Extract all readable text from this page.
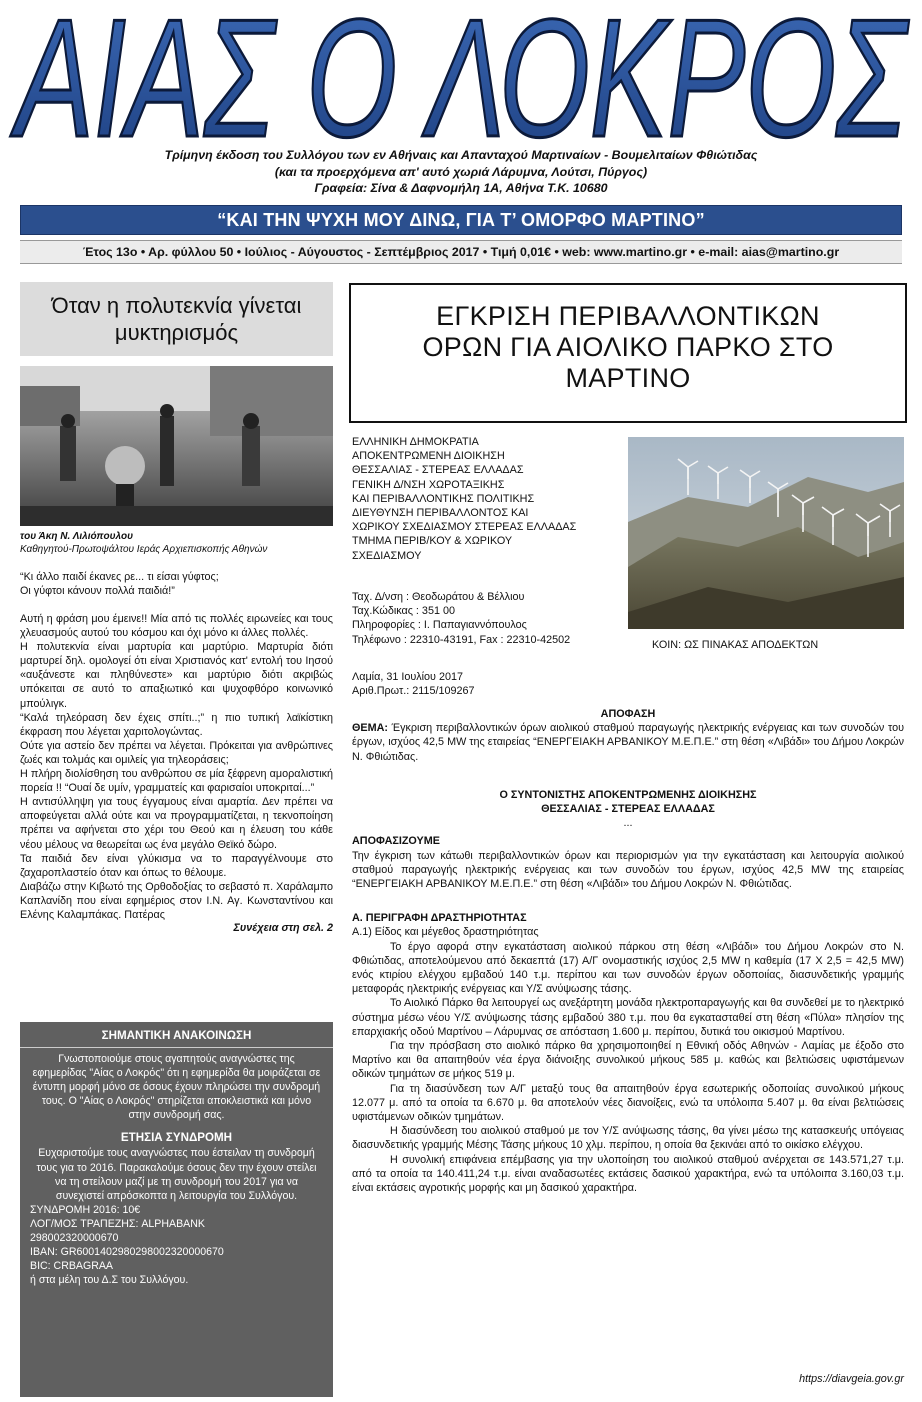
ΑΙΑΣ Ο ΛΟΚΡΟΣ
Τρίμηνη έκδοση του Συλλόγου των εν Αθήναις και Απανταχού Μαρτιναίων - Βουμελιταίων Φθιώτιδας
(και τα προερχόμενα απ' αυτό χωριά Λάρυμνα, Λούτσι, Πύργος)
Γραφεία: Σίνα & Δαφνομήλη 1Α, Αθήνα Τ.Κ. 10680
“ΚΑΙ ΤΗΝ ΨΥΧΗ ΜΟΥ ΔΙΝΩ, ΓΙΑ Τ’ ΟΜΟΡΦΟ ΜΑΡΤΙΝΟ”
Έτος 13ο • Αρ. φύλλου 50 • Ιούλιος - Αύγουστος - Σεπτέμβριος 2017 • Τιμή 0,01€ • web: www.martino.gr • e-mail: aias@martino.gr
Όταν η πολυτεκνία γίνεται
μυκτηρισμός
του Άκη Ν. Λιλιόπουλου
Καθηγητού-Πρωτοψάλτου Ιεράς Αρχιεπισκοπής Αθηνών
“Κι άλλο παιδί έκανες ρε... τι είσαι γύφτος;
Οι γύφτοι κάνουν πολλά παιδιά!”

Αυτή η φράση μου έμεινε!! Μία από τις πολλές ειρωνείες και τους χλευασμούς αυτού του κόσμου και όχι μόνο κι άλλες πολλές.

Η πολυτεκνία είναι μαρτυρία και μαρτύριο. Μαρτυρία διότι μαρτυρεί δηλ. ομολογεί ότι είναι Χριστιανός κατ' εντολή του Ιησού «αυξάνεστε και πληθύνεστε» και μαρτύριο διότι ακριβώς υπόκειται σε αυτό το απαξιωτικό και ψυχοφθόρο κοινωνικό μπούλιγκ.

“Καλά τηλεόραση δεν έχεις σπίτι..;” η πιο τυπική λαϊκίστικη έκφραση που λέγεται χαριτολογώντας.

Ούτε για αστείο δεν πρέπει να λέγεται. Πρόκειται για ανθρώπινες ζωές και τολμάς και ομιλείς για τηλεοράσεις;

Η πλήρη διολίσθηση του ανθρώπου σε μία ξέφρενη αμοραλιστική πορεία !! “Ουαί δε υμίν, γραμματείς και φαρισαίοι υποκριταί...”

Η αντισύλληψη για τους έγγαμους είναι αμαρτία. Δεν πρέπει να αποφεύγεται αλλά ούτε και να προγραμματίζεται, η τεκνοποίηση πρέπει να αφήνεται στο χέρι του Θεού και η έλευση του κάθε νέου μέλους να θεωρείται ως ένα μεγάλο Θεϊκό δώρο.

Τα παιδιά δεν είναι γλύκισμα να το παραγγέλνουμε στο ζαχαροπλαστείο όταν και όπως το θέλουμε.

Διαβάζω στην Κιβωτό της Ορθοδοξίας το σεβαστό π. Χαράλαμπο Καπλανίδη που είναι εφημέριος στον Ι.Ν. Αγ. Κωνσταντίνου και Ελένης Καλαμπάκας. Πατέρας

Συνέχεια στη σελ. 2
ΣΗΜΑΝΤΙΚΗ ΑΝΑΚΟΙΝΩΣΗ

Γνωστοποιούμε στους αγαπητούς αναγνώστες της εφημερίδας "Αίας ο Λοκρός" ότι η εφημερίδα θα μοιράζεται σε έντυπη μορφή μόνο σε όσους έχουν πληρώσει την συνδρομή τους. Ο "Αίας ο Λοκρός" στηρίζεται αποκλειστικά και μόνο στην συνδρομή σας.

ΕΤΗΣΙΑ ΣΥΝΔΡΟΜΗ

Ευχαριστούμε τους αναγνώστες που έστειλαν τη συνδρομή τους για το 2016. Παρακαλούμε όσους δεν την έχουν στείλει να τη στείλουν μαζί με τη συνδρομή του 2017 για να συνεχιστεί απρόσκοπτα η λειτουργία του Συλλόγου.

ΣΥΝΔΡΟΜΗ 2016: 10€
ΛΟΓ/ΜΟΣ ΤΡΑΠΕΖΗΣ: ALPHABANK
298002320000670
IBAN: GR6001402980298002320000670
BIC: CRBAGRAA
ή στα μέλη του Δ.Σ του Συλλόγου.
ΕΓΚΡΙΣΗ ΠΕΡΙΒΑΛΛΟΝΤΙΚΩΝ
ΟΡΩΝ ΓΙΑ ΑΙΟΛΙΚΟ ΠΑΡΚΟ ΣΤΟ
ΜΑΡΤΙΝΟ
ΕΛΛΗΝΙΚΗ ΔΗΜΟΚΡΑΤΙΑ
ΑΠΟΚΕΝΤΡΩΜΕΝΗ ΔΙΟΙΚΗΣΗ
ΘΕΣΣΑΛΙΑΣ - ΣΤΕΡΕΑΣ ΕΛΛΑΔΑΣ
ΓΕΝΙΚΗ Δ/ΝΣΗ ΧΩΡΟΤΑΞΙΚΗΣ
ΚΑΙ ΠΕΡΙΒΑΛΛΟΝΤΙΚΗΣ ΠΟΛΙΤΙΚΗΣ
ΔΙΕΥΘΥΝΣΗ ΠΕΡΙΒΑΛΛΟΝΤΟΣ ΚΑΙ
ΧΩΡΙΚΟΥ ΣΧΕΔΙΑΣΜΟΥ ΣΤΕΡΕΑΣ ΕΛΛΑΔΑΣ
ΤΜΗΜΑ ΠΕΡΙΒ/ΚΟΥ & ΧΩΡΙΚΟΥ
ΣΧΕΔΙΑΣΜΟΥ
Ταχ. Δ/νση : Θεοδωράτου & Βέλλιου
Ταχ.Κώδικας : 351 00
Πληροφορίες : Ι. Παπαγιαννόπουλος
Τηλέφωνο : 22310-43191, Fax : 22310-42502	ΚΟΙΝ: ΩΣ ΠΙΝΑΚΑΣ ΑΠΟΔΕΚΤΩΝ
Λαμία, 31 Ιουλίου 2017
Αριθ.Πρωτ.: 2115/109267
ΑΠΟΦΑΣΗ

ΘΕΜΑ: Έγκριση περιβαλλοντικών όρων αιολικού σταθμού παραγωγής ηλεκτρικής ενέργειας και των συνοδών του έργων, ισχύος 42,5 MW της εταιρείας “ΕΝΕΡΓΕΙΑΚΗ ΑΡΒΑΝΙΚΟΥ Μ.Ε.Π.Ε.” στη θέση «Λιβάδι» του Δήμου Λοκρών Ν. Φθιώτιδας.

Ο ΣΥΝΤΟΝΙΣΤΗΣ ΑΠΟΚΕΝΤΡΩΜΕΝΗΣ ΔΙΟΙΚΗΣΗΣ
ΘΕΣΣΑΛΙΑΣ - ΣΤΕΡΕΑΣ ΕΛΛΑΔΑΣ
...
ΑΠΟΦΑΣΙΖΟΥΜΕ

Την έγκριση των κάτωθι περιβαλλοντικών όρων και περιορισμών για την εγκατάσταση και λειτουργία αιολικού σταθμού παραγωγής ηλεκτρικής ενέργειας και των συνοδών του έργων, ισχύος 42,5 MW της εταιρείας “ΕΝΕΡΓΕΙΑΚΗ ΑΡΒΑΝΙΚΟΥ Μ.Ε.Π.Ε.” στη θέση «Λιβάδι» του Δήμου Λοκρών Ν. Φθιώτιδας.

Α. ΠΕΡΙΓΡΑΦΗ ΔΡΑΣΤΗΡΙΟΤΗΤΑΣ
Α.1) Είδος και μέγεθος δραστηριότητας

Το έργο αφορά στην εγκατάσταση αιολικού πάρκου στη θέση «Λιβάδι» του Δήμου Λοκρών στο Ν. Φθιώτιδας, αποτελούμενου από δεκαεπτά (17) Α/Γ ονομαστικής ισχύος 2,5 MW η καθεμία (17 Χ 2,5 = 42,5 MW) ενός κτιρίου ελέγχου εμβαδού 140 τ.μ. περίπου και των συνοδών έργων οδοποιίας, διασυνδετικής γραμμής μεταφοράς ηλεκτρικής ενέργειας και Υ/Σ ανύψωσης τάσης.

Το Αιολικό Πάρκο θα λειτουργεί ως ανεξάρτητη μονάδα ηλεκτροπαραγωγής και θα συνδεθεί με το ηλεκτρικό σύστημα μέσω νέου Υ/Σ ανύψωσης τάσης εμβαδού 380 τ.μ. που θα εγκατασταθεί στη θέση «Πύλα» πλησίον της επαρχιακής οδού Μαρτίνου – Λάρυμνας σε απόσταση 1.600 μ. περίπου, δυτικά του οικισμού Μαρτίνου.

Για την πρόσβαση στο αιολικό πάρκο θα χρησιμοποιηθεί η Εθνική οδός Αθηνών - Λαμίας με έξοδο στο Μαρτίνο και θα απαιτηθούν νέα έργα διάνοιξης συνολικού μήκους 585 μ. καθώς και βελτιώσεις υφιστάμενων οδικών τμημάτων σε μήκος 519 μ.

Για τη διασύνδεση των Α/Γ μεταξύ τους θα απαιτηθούν έργα εσωτερικής οδοποιίας συνολικού μήκους 12.077 μ. από τα οποία τα 6.670 μ. θα αποτελούν νέες διανοίξεις, ενώ τα υπόλοιπα 5.407 μ. θα είναι βελτιώσεις υφιστάμενων οδικών τμημάτων.

Η διασύνδεση του αιολικού σταθμού με τον Υ/Σ ανύψωσης τάσης, θα γίνει μέσω της κατασκευής υπόγειας διασυνδετικής γραμμής Μέσης Τάσης μήκους 10 χλμ. περίπου, η οποία θα ξεκινάει από το οικίσκο ελέγχου.

Η συνολική επιφάνεια επέμβασης για την υλοποίηση του αιολικού σταθμού ανέρχεται σε 143.571,27 τ.μ. από τα οποία τα 140.411,24 τ.μ. είναι αναδασωτέες εκτάσεις δασικού χαρακτήρα, ενώ τα υπόλοιπα 3.160,03 τ.μ. είναι εκτάσεις αγροτικής μορφής και μη δασικού χαρακτήρα.

https://diavgeia.gov.gr
